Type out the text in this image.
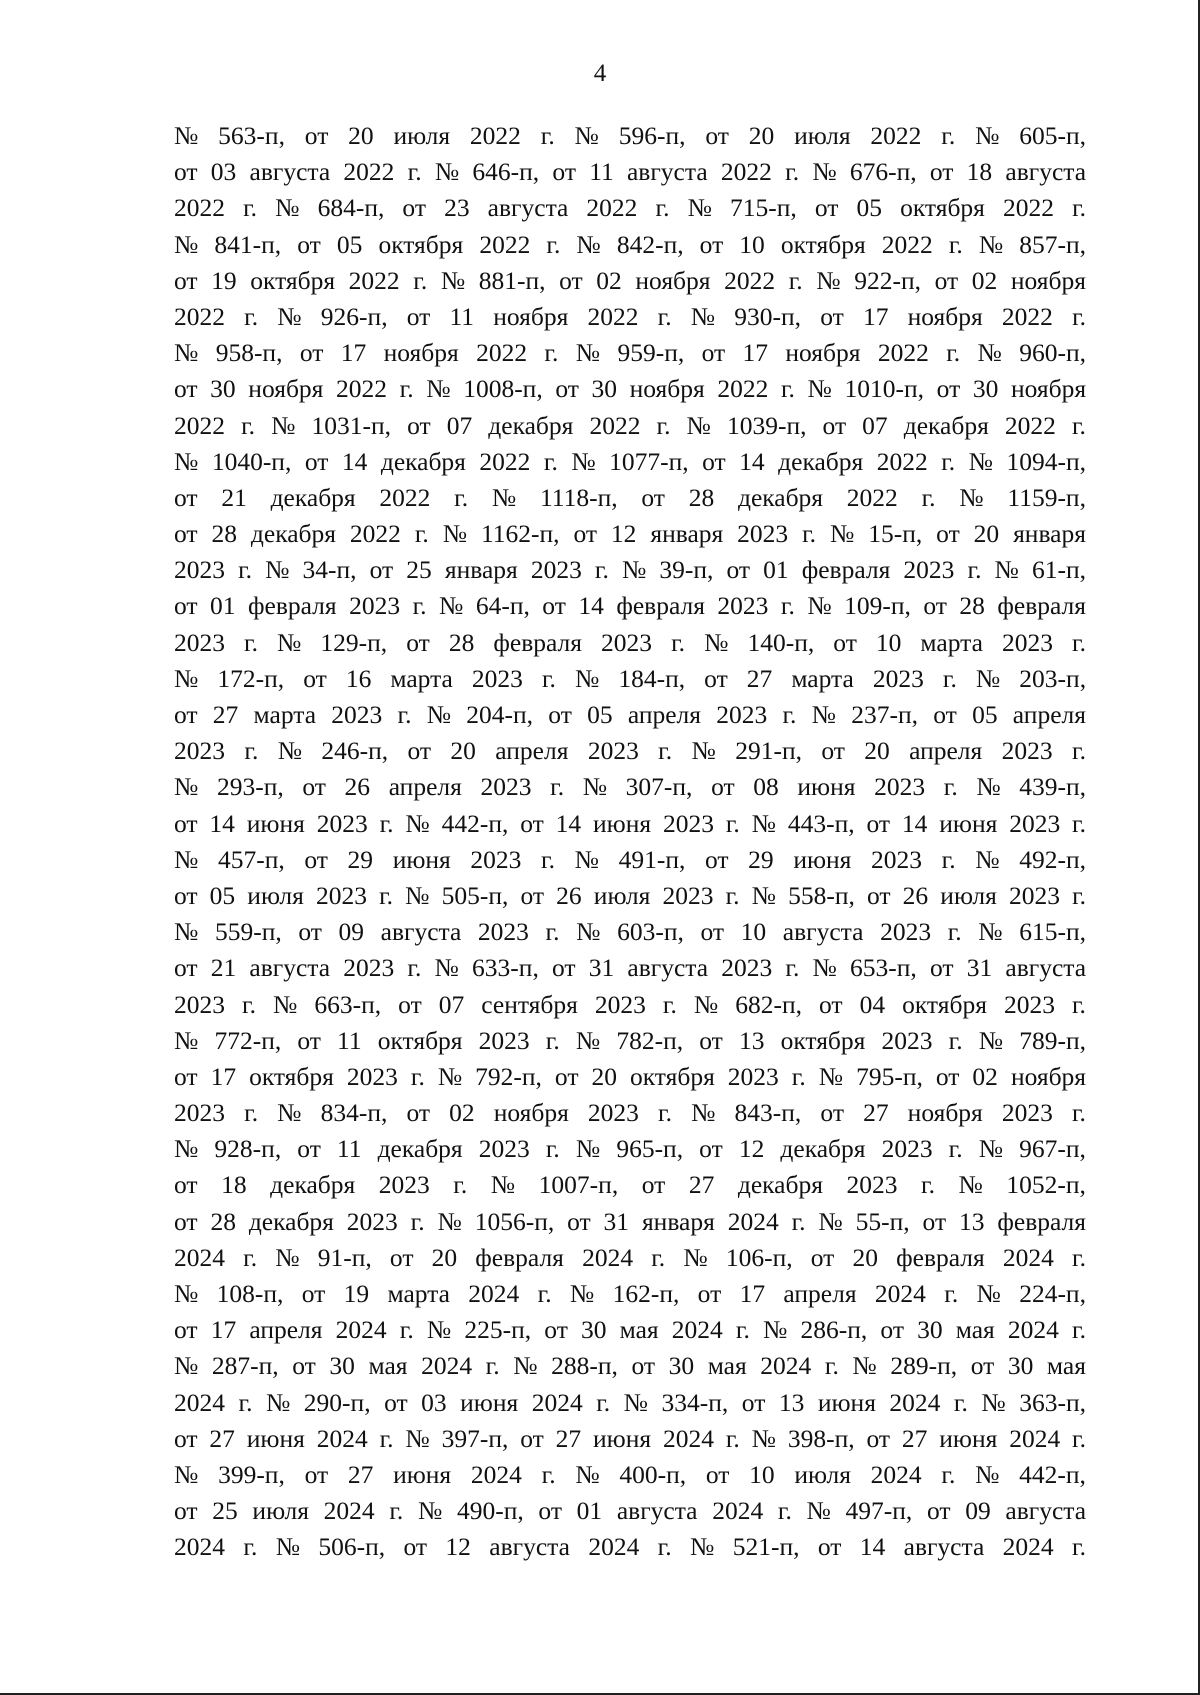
4
№ 563-п, от 20 июля 2022 г. № 596-п, от 20 июля 2022 г. № 605-п,
от 03 августа 2022 г. № 646-п, от 11 августа 2022 г. № 676-п, от 18 августа
2022 г. № 684-п, от 23 августа 2022 г. № 715-п, от 05 октября 2022 г.
№ 841-п, от 05 октября 2022 г. № 842-п, от 10 октября 2022 г. № 857-п,
от 19 октября 2022 г. № 881-п, от 02 ноября 2022 г. № 922-п, от 02 ноября
2022 г. № 926-п, от 11 ноября 2022 г. № 930-п, от 17 ноября 2022 г.
№ 958-п, от 17 ноября 2022 г. № 959-п, от 17 ноября 2022 г. № 960-п,
от 30 ноября 2022 г. № 1008-п, от 30 ноября 2022 г. № 1010-п, от 30 ноября
2022 г. № 1031-п, от 07 декабря 2022 г. № 1039-п, от 07 декабря 2022 г.
№ 1040-п, от 14 декабря 2022 г. № 1077-п, от 14 декабря 2022 г. № 1094-п,
от 21 декабря 2022 г. № 1118-п, от 28 декабря 2022 г. № 1159-п,
от 28 декабря 2022 г. № 1162-п, от 12 января 2023 г. № 15-п, от 20 января
2023 г. № 34-п, от 25 января 2023 г. № 39-п, от 01 февраля 2023 г. № 61-п,
от 01 февраля 2023 г. № 64-п, от 14 февраля 2023 г. № 109-п, от 28 февраля
2023 г. № 129-п, от 28 февраля 2023 г. № 140-п, от 10 марта 2023 г.
№ 172-п, от 16 марта 2023 г. № 184-п, от 27 марта 2023 г. № 203-п,
от 27 марта 2023 г. № 204-п, от 05 апреля 2023 г. № 237-п, от 05 апреля
2023 г. № 246-п, от 20 апреля 2023 г. № 291-п, от 20 апреля 2023 г.
№ 293-п, от 26 апреля 2023 г. № 307-п, от 08 июня 2023 г. № 439-п,
от 14 июня 2023 г. № 442-п, от 14 июня 2023 г. № 443-п, от 14 июня 2023 г.
№ 457-п, от 29 июня 2023 г. № 491-п, от 29 июня 2023 г. № 492-п,
от 05 июля 2023 г. № 505-п, от 26 июля 2023 г. № 558-п, от 26 июля 2023 г.
№ 559-п, от 09 августа 2023 г. № 603-п, от 10 августа 2023 г. № 615-п,
от 21 августа 2023 г. № 633-п, от 31 августа 2023 г. № 653-п, от 31 августа
2023 г. № 663-п, от 07 сентября 2023 г. № 682-п, от 04 октября 2023 г.
№ 772-п, от 11 октября 2023 г. № 782-п, от 13 октября 2023 г. № 789-п,
от 17 октября 2023 г. № 792-п, от 20 октября 2023 г. № 795-п, от 02 ноября
2023 г. № 834-п, от 02 ноября 2023 г. № 843-п, от 27 ноября 2023 г.
№ 928-п, от 11 декабря 2023 г. № 965-п, от 12 декабря 2023 г. № 967-п,
от 18 декабря 2023 г. № 1007-п, от 27 декабря 2023 г. № 1052-п,
от 28 декабря 2023 г. № 1056-п, от 31 января 2024 г. № 55-п, от 13 февраля
2024 г. № 91-п, от 20 февраля 2024 г. № 106-п, от 20 февраля 2024 г.
№ 108-п, от 19 марта 2024 г. № 162-п, от 17 апреля 2024 г. № 224-п,
от 17 апреля 2024 г. № 225-п, от 30 мая 2024 г. № 286-п, от 30 мая 2024 г.
№ 287-п, от 30 мая 2024 г. № 288-п, от 30 мая 2024 г. № 289-п, от 30 мая
2024 г. № 290-п, от 03 июня 2024 г. № 334-п, от 13 июня 2024 г. № 363-п,
от 27 июня 2024 г. № 397-п, от 27 июня 2024 г. № 398-п, от 27 июня 2024 г.
№ 399-п, от 27 июня 2024 г. № 400-п, от 10 июля 2024 г. № 442-п,
от 25 июля 2024 г. № 490-п, от 01 августа 2024 г. № 497-п, от 09 августа
2024 г. № 506-п, от 12 августа 2024 г. № 521-п, от 14 августа 2024 г.
